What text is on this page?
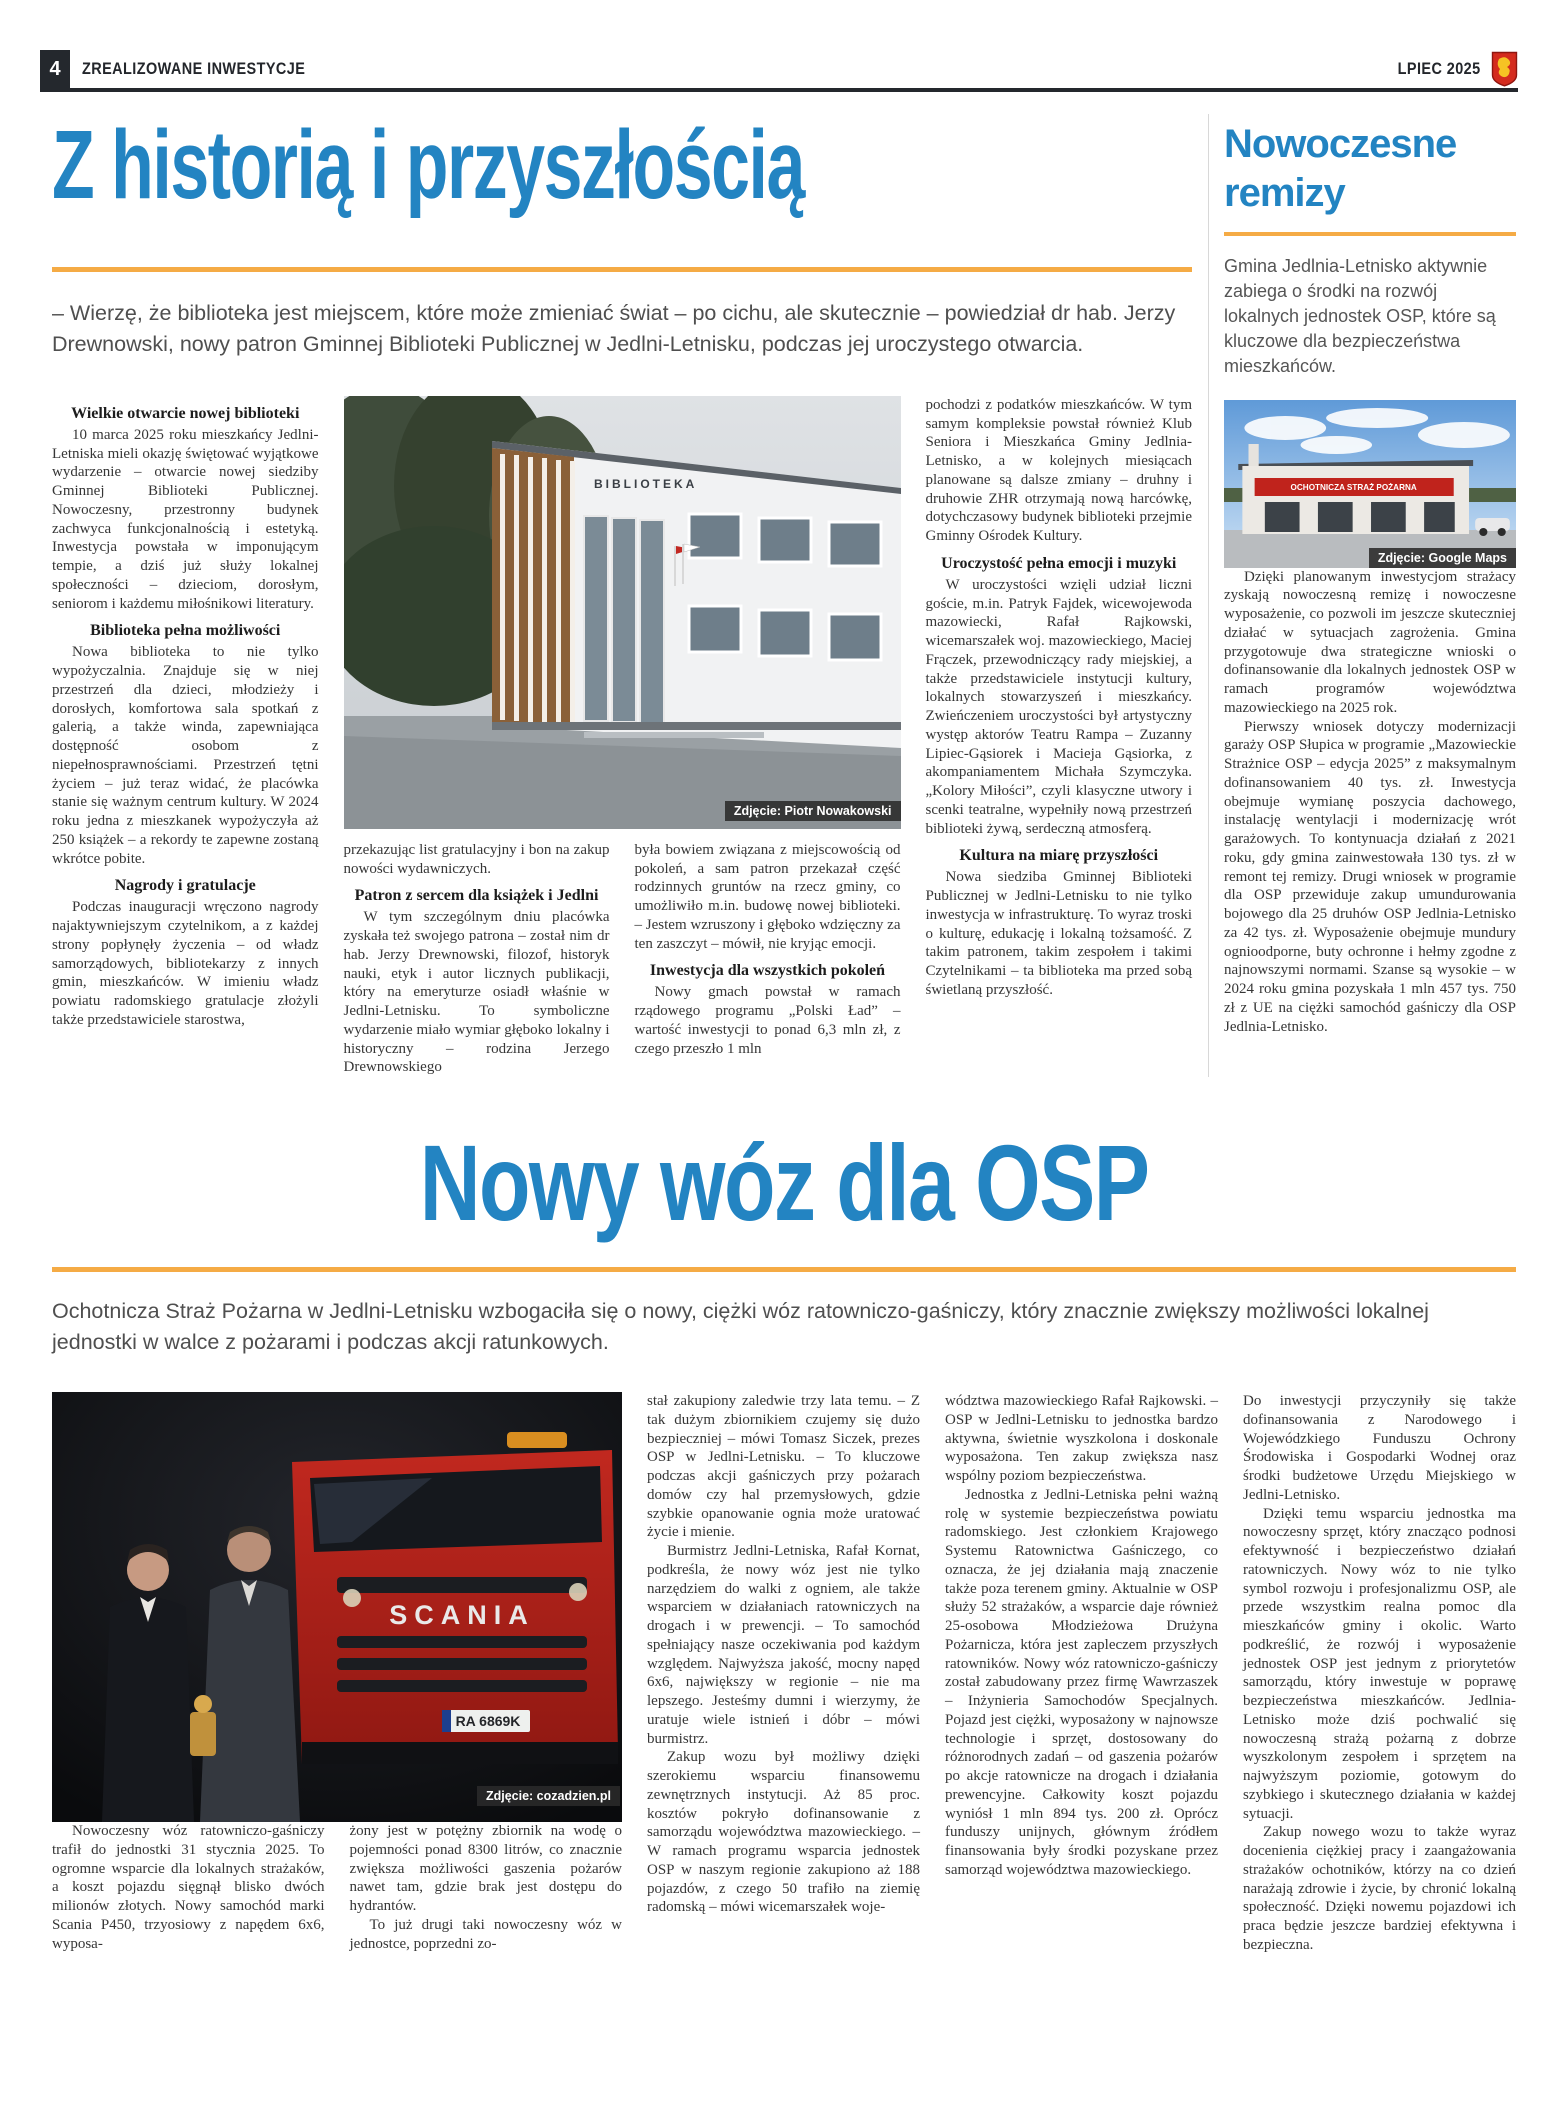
4	ZREALIZOWANE INWESTYCJE	LPIEC 2025
Z historią i przyszłością

– Wierzę, że biblioteka jest miejscem, które może zmieniać świat – po cichu, ale skutecznie – powiedział dr hab. Jerzy Drewnowski, nowy patron Gminnej Biblioteki Publicznej w Jedlni-Letnisku, podczas jej uroczystego otwarcia.

Wielkie otwarcie nowej biblioteki

10 marca 2025 roku mieszkańcy Jedlni-Letniska mieli okazję świętować wyjątkowe wydarzenie – otwarcie nowej siedziby Gminnej Biblioteki Publicznej. Nowoczesny, przestronny budynek zachwyca funkcjonalnością i estetyką. Inwestycja powstała w imponującym tempie, a dziś już służy lokalnej społeczności – dzieciom, dorosłym, seniorom i każdemu miłośnikowi literatury.

Biblioteka pełna możliwości

Nowa biblioteka to nie tylko wypożyczalnia. Znajduje się w niej przestrzeń dla dzieci, młodzieży i dorosłych, komfortowa sala spotkań z galerią, a także winda, zapewniająca dostępność osobom z niepełnosprawnościami. Przestrzeń tętni życiem – już teraz widać, że placówka stanie się ważnym centrum kultury. W 2024 roku jedna z mieszkanek wypożyczyła aż 250 książek – a rekordy te zapewne zostaną wkrótce pobite.

Nagrody i gratulacje

Podczas inauguracji wręczono nagrody najaktywniejszym czytelnikom, a z każdej strony popłynęły życzenia – od władz samorządowych, bibliotekarzy z innych gmin, mieszkańców. W imieniu władz powiatu radomskiego gratulacje złożyli także przedstawiciele starostwa,

BIBLIOTEKA
Zdjęcie: Piotr Nowakowski

przekazując list gratulacyjny i bon na zakup nowości wydawniczych.

Patron z sercem dla książek i Jedlni

W tym szczególnym dniu placówka zyskała też swojego patrona – został nim dr hab. Jerzy Drewnowski, filozof, historyk nauki, etyk i autor licznych publikacji, który na emeryturze osiadł właśnie w Jedlni-Letnisku. To symboliczne wydarzenie miało wymiar głęboko lokalny i historyczny – rodzina Jerzego Drewnowskiego

była bowiem związana z miejscowością od pokoleń, a sam patron przekazał część rodzinnych gruntów na rzecz gminy, co umożliwiło m.in. budowę nowej biblioteki. – Jestem wzruszony i głęboko wdzięczny za ten zaszczyt – mówił, nie kryjąc emocji.

Inwestycja dla wszystkich pokoleń

Nowy gmach powstał w ramach rządowego programu „Polski Ład” – wartość inwestycji to ponad 6,3 mln zł, z czego przeszło 1 mln

pochodzi z podatków mieszkańców. W tym samym kompleksie powstał również Klub Seniora i Mieszkańca Gminy Jedlnia-Letnisko, a w kolejnych miesiącach planowane są dalsze zmiany – druhny i druhowie ZHR otrzymają nową harcówkę, dotychczasowy budynek biblioteki przejmie Gminny Ośrodek Kultury.

Uroczystość pełna emocji i muzyki

W uroczystości wzięli udział liczni goście, m.in. Patryk Fajdek, wicewojewoda mazowiecki, Rafał Rajkowski, wicemarszałek woj. mazowieckiego, Maciej Frączek, przewodniczący rady miejskiej, a także przedstawiciele instytucji kultury, lokalnych stowarzyszeń i mieszkańcy. Zwieńczeniem uroczystości był artystyczny występ aktorów Teatru Rampa – Zuzanny Lipiec-Gąsiorek i Macieja Gąsiorka, z akompaniamentem Michała Szymczyka. „Kolory Miłości”, czyli klasyczne utwory i scenki teatralne, wypełniły nową przestrzeń biblioteki żywą, serdeczną atmosferą.

Kultura na miarę przyszłości

Nowa siedziba Gminnej Biblioteki Publicznej w Jedlni-Letnisku to nie tylko inwestycja w infrastrukturę. To wyraz troski o kulturę, edukację i lokalną tożsamość. Z takim patronem, takim zespołem i takimi Czytelnikami – ta biblioteka ma przed sobą świetlaną przyszłość.

Nowoczesne remizy

Gmina Jedlnia-Letnisko aktywnie zabiega o środki na rozwój lokalnych jednostek OSP, które są kluczowe dla bezpieczeństwa mieszkańców.

OCHOTNICZA STRAŻ POŻARNA
Zdjęcie: Google Maps

Dzięki planowanym inwestycjom strażacy zyskają nowoczesną remizę i nowoczesne wyposażenie, co pozwoli im jeszcze skuteczniej działać w sytuacjach zagrożenia. Gmina przygotowuje dwa strategiczne wnioski o dofinansowanie dla lokalnych jednostek OSP w ramach programów województwa mazowieckiego na 2025 rok.

Pierwszy wniosek dotyczy modernizacji garaży OSP Słupica w programie „Mazowieckie Strażnice OSP – edycja 2025” z maksymalnym dofinansowaniem 40 tys. zł. Inwestycja obejmuje wymianę poszycia dachowego, instalację wentylacji i modernizację wrót garażowych. To kontynuacja działań z 2021 roku, gdy gmina zainwestowała 130 tys. zł w remont tej remizy. Drugi wniosek w programie dla OSP przewiduje zakup umundurowania bojowego dla 25 druhów OSP Jedlnia-Letnisko za 42 tys. zł. Wyposażenie obejmuje mundury ognioodporne, buty ochronne i hełmy zgodne z najnowszymi normami. Szanse są wysokie – w 2024 roku gmina pozyskała 1 mln 457 tys. 750 zł z UE na ciężki samochód gaśniczy dla OSP Jedlnia-Letnisko.

Nowy wóz dla OSP

Ochotnicza Straż Pożarna w Jedlni-Letnisku wzbogaciła się o nowy, ciężki wóz ratowniczo-gaśniczy, który znacznie zwiększy możliwości lokalnej jednostki w walce z pożarami i podczas akcji ratunkowych.

SCANIA
RA 6869K
Zdjęcie: cozadzien.pl

Nowoczesny wóz ratowniczo-gaśniczy trafił do jednostki 31 stycznia 2025. To ogromne wsparcie dla lokalnych strażaków, a koszt pojazdu sięgnął blisko dwóch milionów złotych. Nowy samochód marki Scania P450, trzyosiowy z napędem 6x6, wyposa-

żony jest w potężny zbiornik na wodę o pojemności ponad 8300 litrów, co znacznie zwiększa możliwości gaszenia pożarów nawet tam, gdzie brak jest dostępu do hydrantów.

To już drugi taki nowoczesny wóz w jednostce, poprzedni zo-

stał zakupiony zaledwie trzy lata temu. – Z tak dużym zbiornikiem czujemy się dużo bezpieczniej – mówi Tomasz Siczek, prezes OSP w Jedlni-Letnisku. – To kluczowe podczas akcji gaśniczych przy pożarach domów czy hal przemysłowych, gdzie szybkie opanowanie ognia może uratować życie i mienie.

Burmistrz Jedlni-Letniska, Rafał Kornat, podkreśla, że nowy wóz jest nie tylko narzędziem do walki z ogniem, ale także wsparciem w działaniach ratowniczych na drogach i w prewencji. – To samochód spełniający nasze oczekiwania pod każdym względem. Najwyższa jakość, mocny napęd 6x6, największy w regionie – nie ma lepszego. Jesteśmy dumni i wierzymy, że uratuje wiele istnień i dóbr – mówi burmistrz.

Zakup wozu był możliwy dzięki szerokiemu wsparciu finansowemu zewnętrznych instytucji. Aż 85 proc. kosztów pokryło dofinansowanie z samorządu województwa mazowieckiego. – W ramach programu wsparcia jednostek OSP w naszym regionie zakupiono aż 188 pojazdów, z czego 50 trafiło na ziemię radomską – mówi wicemarszałek woje-

wództwa mazowieckiego Rafał Rajkowski. – OSP w Jedlni-Letnisku to jednostka bardzo aktywna, świetnie wyszkolona i doskonale wyposażona. Ten zakup zwiększa nasz wspólny poziom bezpieczeństwa.

Jednostka z Jedlni-Letniska pełni ważną rolę w systemie bezpieczeństwa powiatu radomskiego. Jest członkiem Krajowego Systemu Ratownictwa Gaśniczego, co oznacza, że jej działania mają znaczenie także poza terenem gminy. Aktualnie w OSP służy 52 strażaków, a wsparcie daje również 25-osobowa Młodzieżowa Drużyna Pożarnicza, która jest zapleczem przyszłych ratowników. Nowy wóz ratowniczo-gaśniczy został zabudowany przez firmę Wawrzaszek – Inżynieria Samochodów Specjalnych. Pojazd jest ciężki, wyposażony w najnowsze technologie i sprzęt, dostosowany do różnorodnych zadań – od gaszenia pożarów po akcje ratownicze na drogach i działania prewencyjne. Całkowity koszt pojazdu wyniósł 1 mln 894 tys. 200 zł. Oprócz funduszy unijnych, głównym źródłem finansowania były środki pozyskane przez samorząd województwa mazowieckiego.

Do inwestycji przyczyniły się także dofinansowania z Narodowego i Wojewódzkiego Funduszu Ochrony Środowiska i Gospodarki Wodnej oraz środki budżetowe Urzędu Miejskiego w Jedlni-Letnisko.

Dzięki temu wsparciu jednostka ma nowoczesny sprzęt, który znacząco podnosi efektywność i bezpieczeństwo działań ratowniczych. Nowy wóz to nie tylko symbol rozwoju i profesjonalizmu OSP, ale przede wszystkim realna pomoc dla mieszkańców gminy i okolic. Warto podkreślić, że rozwój i wyposażenie jednostek OSP jest jednym z priorytetów samorządu, który inwestuje w poprawę bezpieczeństwa mieszkańców. Jedlnia-Letnisko może dziś pochwalić się nowoczesną strażą pożarną z dobrze wyszkolonym zespołem i sprzętem na najwyższym poziomie, gotowym do szybkiego i skutecznego działania w każdej sytuacji.

Zakup nowego wozu to także wyraz docenienia ciężkiej pracy i zaangażowania strażaków ochotników, którzy na co dzień narażają zdrowie i życie, by chronić lokalną społeczność. Dzięki nowemu pojazdowi ich praca będzie jeszcze bardziej efektywna i bezpieczna.
